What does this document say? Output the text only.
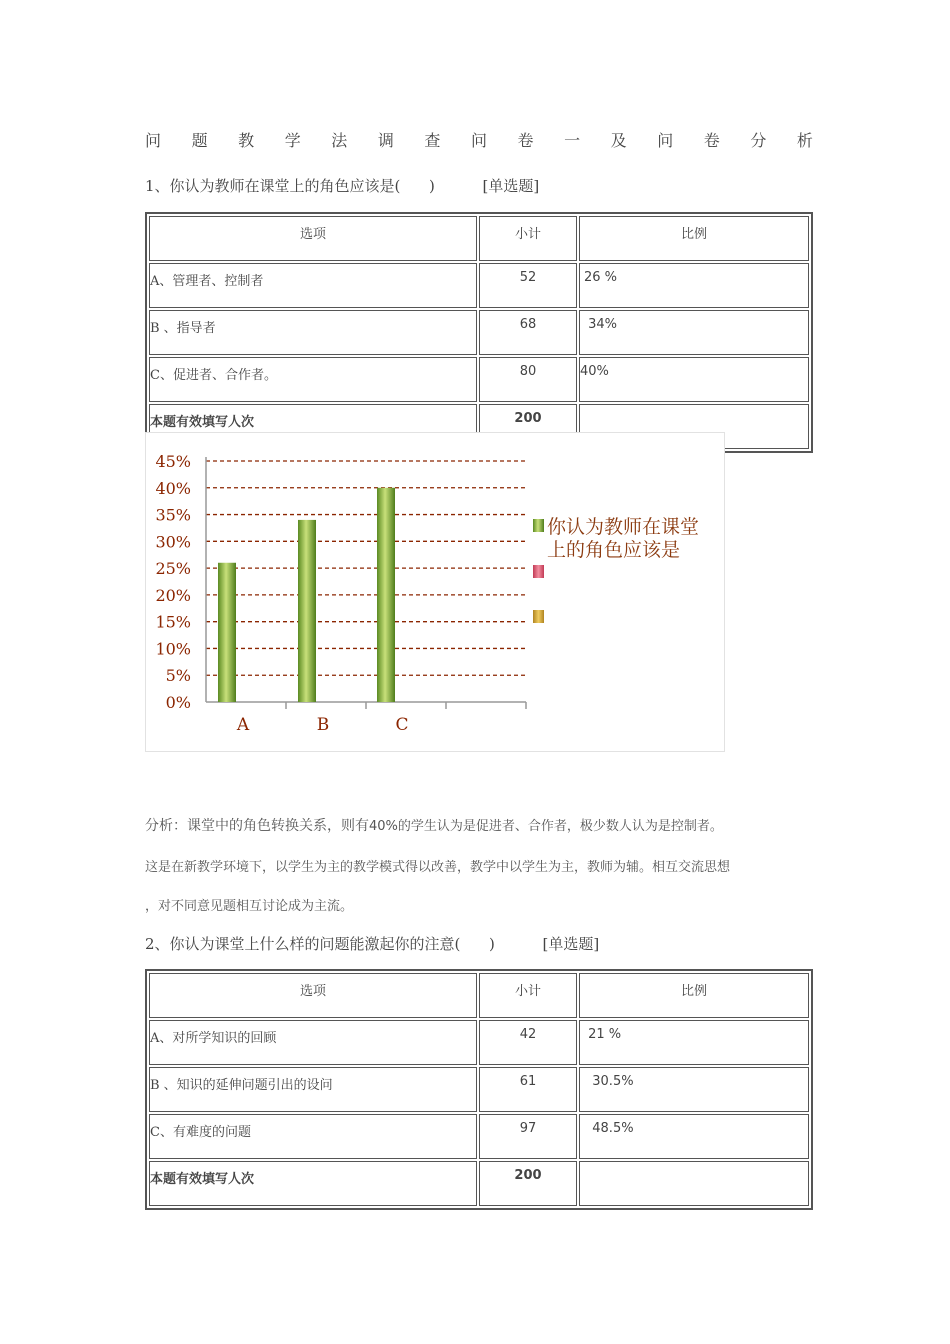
问 题 教 学 法 调 查 问 卷 一 及 问 卷 分 析
1、你认为教师在课堂上的角色应该是(      )          [单选题]
选项	小计	比例
A、管理者、控制者	52	26 %
B 、指导者	68	34%
C、促进者、合作者。	80	40%
本题有效填写人次	200	
0%
5%
10%
15%
20%
25%
30%
35%
40%
45%
A	B	C
你认为教师在课堂
上的角色应该是
分析：课堂中的角色转换关系，则有40%的学生认为是促进者、合作者，极少数人认为是控制者。
这是在新教学环境下，以学生为主的教学模式得以改善，教学中以学生为主，教师为辅。相互交流思想
，对不同意见题相互讨论成为主流。
2、你认为课堂上什么样的问题能激起你的注意(      )          [单选题]
选项	小计	比例
A、对所学知识的回顾	42	21 %
B 、知识的延伸问题引出的设问	61	30.5%
C、有难度的问题	97	48.5%
本题有效填写人次	200	
